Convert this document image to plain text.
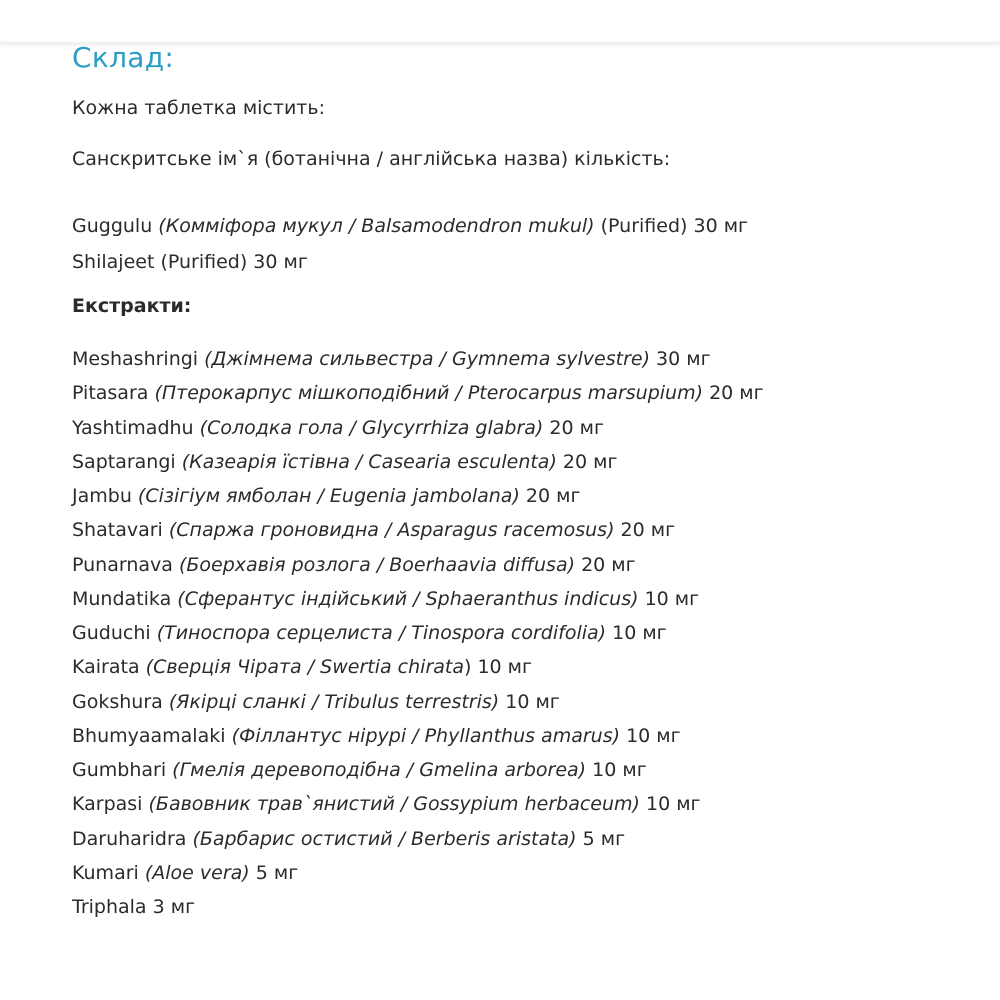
Склад:

Кожна таблетка містить:

Санскритське ім`я (ботанічна / англійська назва) кількість:

Guggulu (Комміфора мукул / Balsamodendron mukul) (Purified) 30 мг

Shilajeet (Purified) 30 мг

Екстракти:

Meshashringi (Джімнема сильвестра / Gymnema sylvestre) 30 мг

Pitasara (Птерокарпус мішкоподібний / Pterocarpus marsupium) 20 мг

Yashtimadhu (Солодка гола / Glycyrrhiza glabra) 20 мг

Saptarangi (Казеарія їстівна / Casearia esculenta) 20 мг

Jambu (Сізігіум ямболан / Eugenia jambolana) 20 мг

Shatavari (Спаржа гроновидна / Asparagus racemosus) 20 мг

Punarnava (Боерхавія розлога / Boerhaavia diffusa) 20 мг

Mundatika (Сферантус індійський / Sphaeranthus indicus) 10 мг

Guduchi (Тиноспора серцелиста / Tinospora cordifolia) 10 мг

Kairata (Сверція Чірата / Swertia chirata) 10 мг

Gokshura (Якірці сланкі / Tribulus terrestris) 10 мг

Bhumyaamalaki (Філлантус нірурі / Phyllanthus amarus) 10 мг

Gumbhari (Гмелія деревоподібна / Gmelina arborea) 10 мг

Karpasi (Бавовник трав`янистий / Gossypium herbaceum) 10 мг

Daruharidra (Барбарис остистий / Berberis aristata) 5 мг

Kumari (Aloe vera) 5 мг

Triphala 3 мг
